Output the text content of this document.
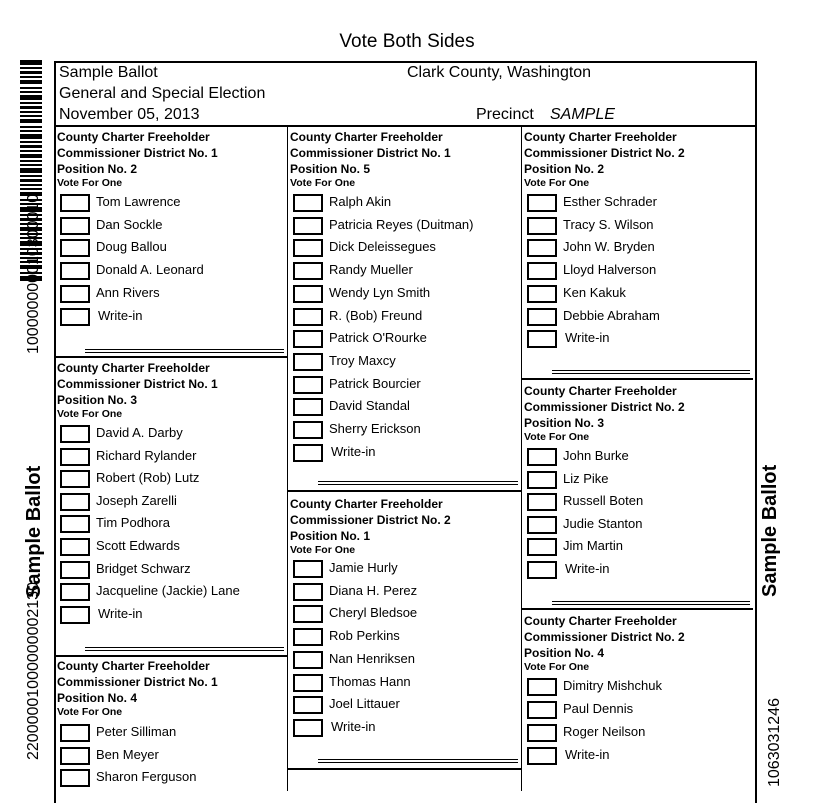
Vote Both Sides
100000000010300010
Sample Ballot
22000001000000002130
Sample Ballot
1063031246
Sample Ballot	Clark County, Washington
General and Special Election
November 05, 2013	Precinct SAMPLE
County Charter Freeholder
Commissioner District No. 1
Position No. 2
Vote For One
Tom Lawrence
Dan Sockle
Doug Ballou
Donald A. Leonard
Ann Rivers
Write-in
County Charter Freeholder
Commissioner District No. 1
Position No. 3
Vote For One
David A. Darby
Richard Rylander
Robert (Rob) Lutz
Joseph Zarelli
Tim Podhora
Scott Edwards
Bridget Schwarz
Jacqueline (Jackie) Lane
Write-in
County Charter Freeholder
Commissioner District No. 1
Position No. 4
Vote For One
Peter Silliman
Ben Meyer
Sharon Ferguson
County Charter Freeholder
Commissioner District No. 1
Position No. 5
Vote For One
Ralph Akin
Patricia Reyes (Duitman)
Dick Deleissegues
Randy Mueller
Wendy Lyn Smith
R. (Bob) Freund
Patrick O'Rourke
Troy Maxcy
Patrick Bourcier
David Standal
Sherry Erickson
Write-in
County Charter Freeholder
Commissioner District No. 2
Position No. 1
Vote For One
Jamie Hurly
Diana H. Perez
Cheryl Bledsoe
Rob Perkins
Nan Henriksen
Thomas Hann
Joel Littauer
Write-in
County Charter Freeholder
Commissioner District No. 2
Position No. 2
Vote For One
Esther Schrader
Tracy S. Wilson
John W. Bryden
Lloyd Halverson
Ken Kakuk
Debbie Abraham
Write-in
County Charter Freeholder
Commissioner District No. 2
Position No. 3
Vote For One
John Burke
Liz Pike
Russell Boten
Judie Stanton
Jim Martin
Write-in
County Charter Freeholder
Commissioner District No. 2
Position No. 4
Vote For One
Dimitry Mishchuk
Paul Dennis
Roger Neilson
Write-in
